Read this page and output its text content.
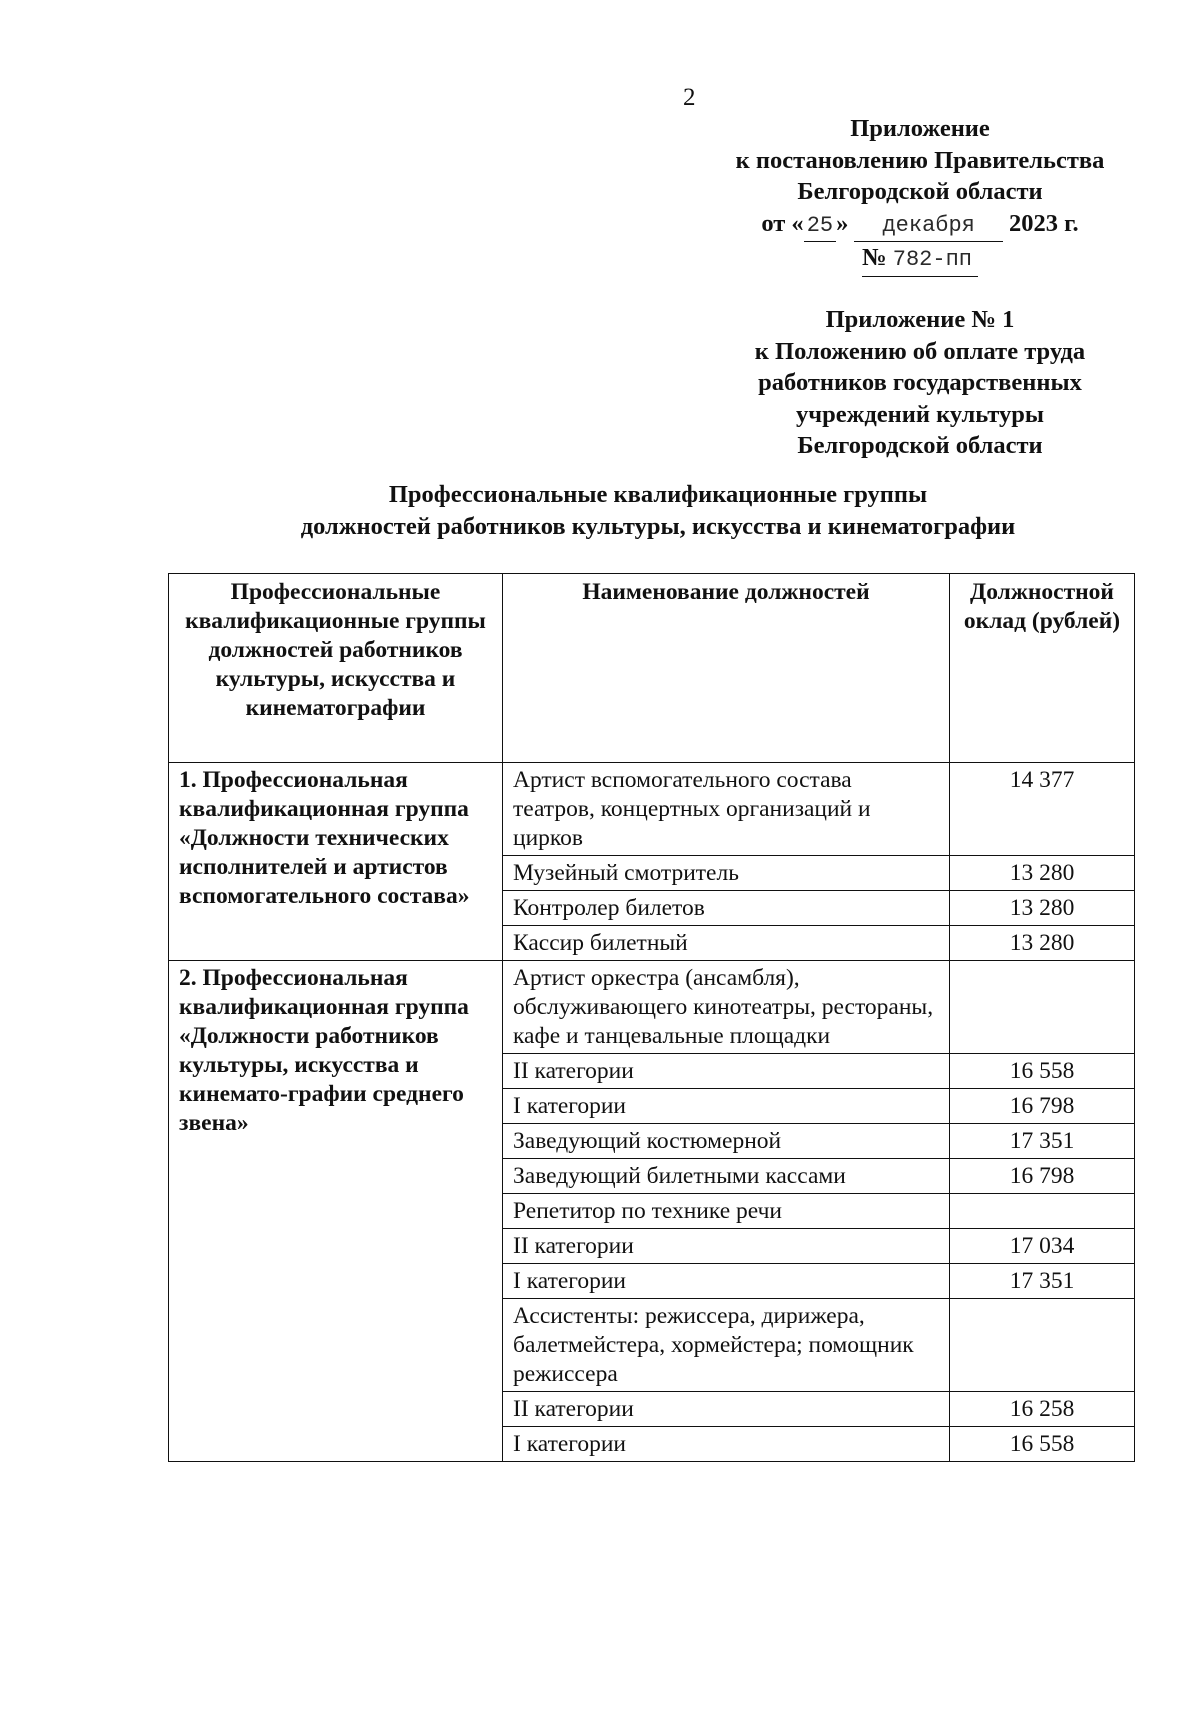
2
Приложение
к постановлению Правительства
Белгородской области
от « 25 » декабря 2023 г.
№ 782-пп
Приложение № 1
к Положению об оплате труда
работников государственных
учреждений культуры
Белгородской области
Профессиональные квалификационные группы
должностей работников культуры, искусства и кинематографии
Профессиональные квалификационные группы должностей работников культуры, искусства и кинематографии	Наименование должностей	Должностной оклад (рублей)
1. Профессиональная квалификационная группа «Должности технических исполнителей и артистов вспомогательного состава»	Артист вспомогательного состава театров, концертных организаций и цирков	14 377
	Музейный смотритель	13 280
	Контролер билетов	13 280
	Кассир билетный	13 280
2. Профессиональная квалификационная группа «Должности работников культуры, искусства и кинемато-графии среднего звена»	Артист оркестра (ансамбля), обслуживающего кинотеатры, рестораны, кафе и танцевальные площадки	
	II категории	16 558
	I категории	16 798
	Заведующий костюмерной	17 351
	Заведующий билетными кассами	16 798
	Репетитор по технике речи	
	II категории	17 034
	I категории	17 351
	Ассистенты: режиссера, дирижера, балетмейстера, хормейстера; помощник режиссера	
	II категории	16 258
	I категории	16 558
